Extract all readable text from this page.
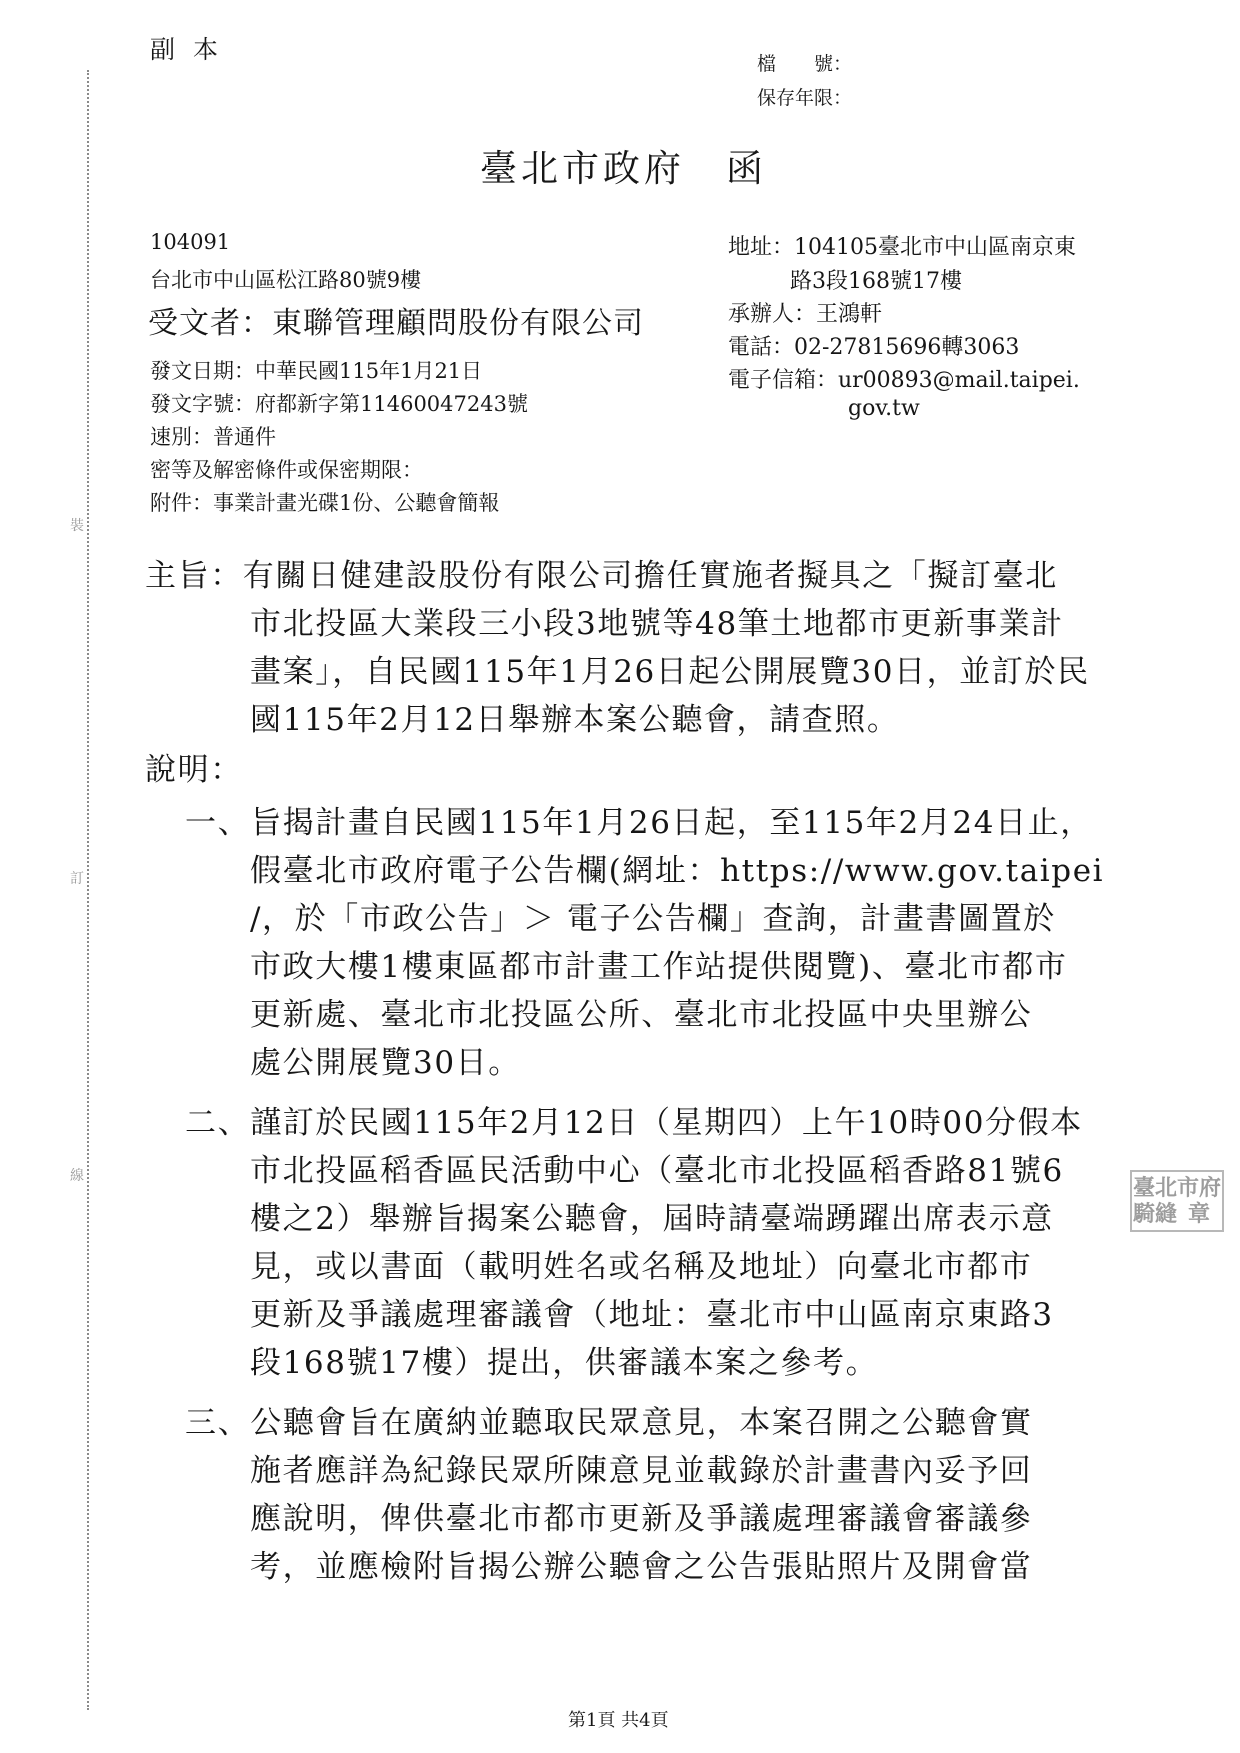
裝
訂
線
副本	檔　　號：
保存年限：
臺北市政府　函
104091
台北市中山區松江路80號9樓
受文者：東聯管理顧問股份有限公司
發文日期：中華民國115年1月21日
發文字號：府都新字第11460047243號
速別：普通件
密等及解密條件或保密期限：
附件：事業計畫光碟1份、公聽會簡報
地址：104105臺北市中山區南京東
路3段168號17樓
承辦人：王鴻軒
電話：02-27815696轉3063
電子信箱：ur00893@mail.taipei.
gov.tw
主旨：有關日健建設股份有限公司擔任實施者擬具之「擬訂臺北
市北投區大業段三小段3地號等48筆土地都市更新事業計
畫案」，自民國115年1月26日起公開展覽30日，並訂於民
國115年2月12日舉辦本案公聽會，請查照。
說明：
一、旨揭計畫自民國115年1月26日起，至115年2月24日止，
假臺北市政府電子公告欄(網址：https://www.gov.taipei
/，於「市政公告」＞ 電子公告欄」查詢，計畫書圖置於
市政大樓1樓東區都市計畫工作站提供閱覽)、臺北市都市
更新處、臺北市北投區公所、臺北市北投區中央里辦公
處公開展覽30日。
二、謹訂於民國115年2月12日（星期四）上午10時00分假本
市北投區稻香區民活動中心（臺北市北投區稻香路81號6
樓之2）舉辦旨揭案公聽會，屆時請臺端踴躍出席表示意
見，或以書面（載明姓名或名稱及地址）向臺北市都市
更新及爭議處理審議會（地址：臺北市中山區南京東路3
段168號17樓）提出，供審議本案之參考。
三、公聽會旨在廣納並聽取民眾意見，本案召開之公聽會實
施者應詳為紀錄民眾所陳意見並載錄於計畫書內妥予回
應說明，俾供臺北市都市更新及爭議處理審議會審議參
考，並應檢附旨揭公辦公聽會之公告張貼照片及開會當
臺北 市府
騎縫 章
第1頁 共4頁
